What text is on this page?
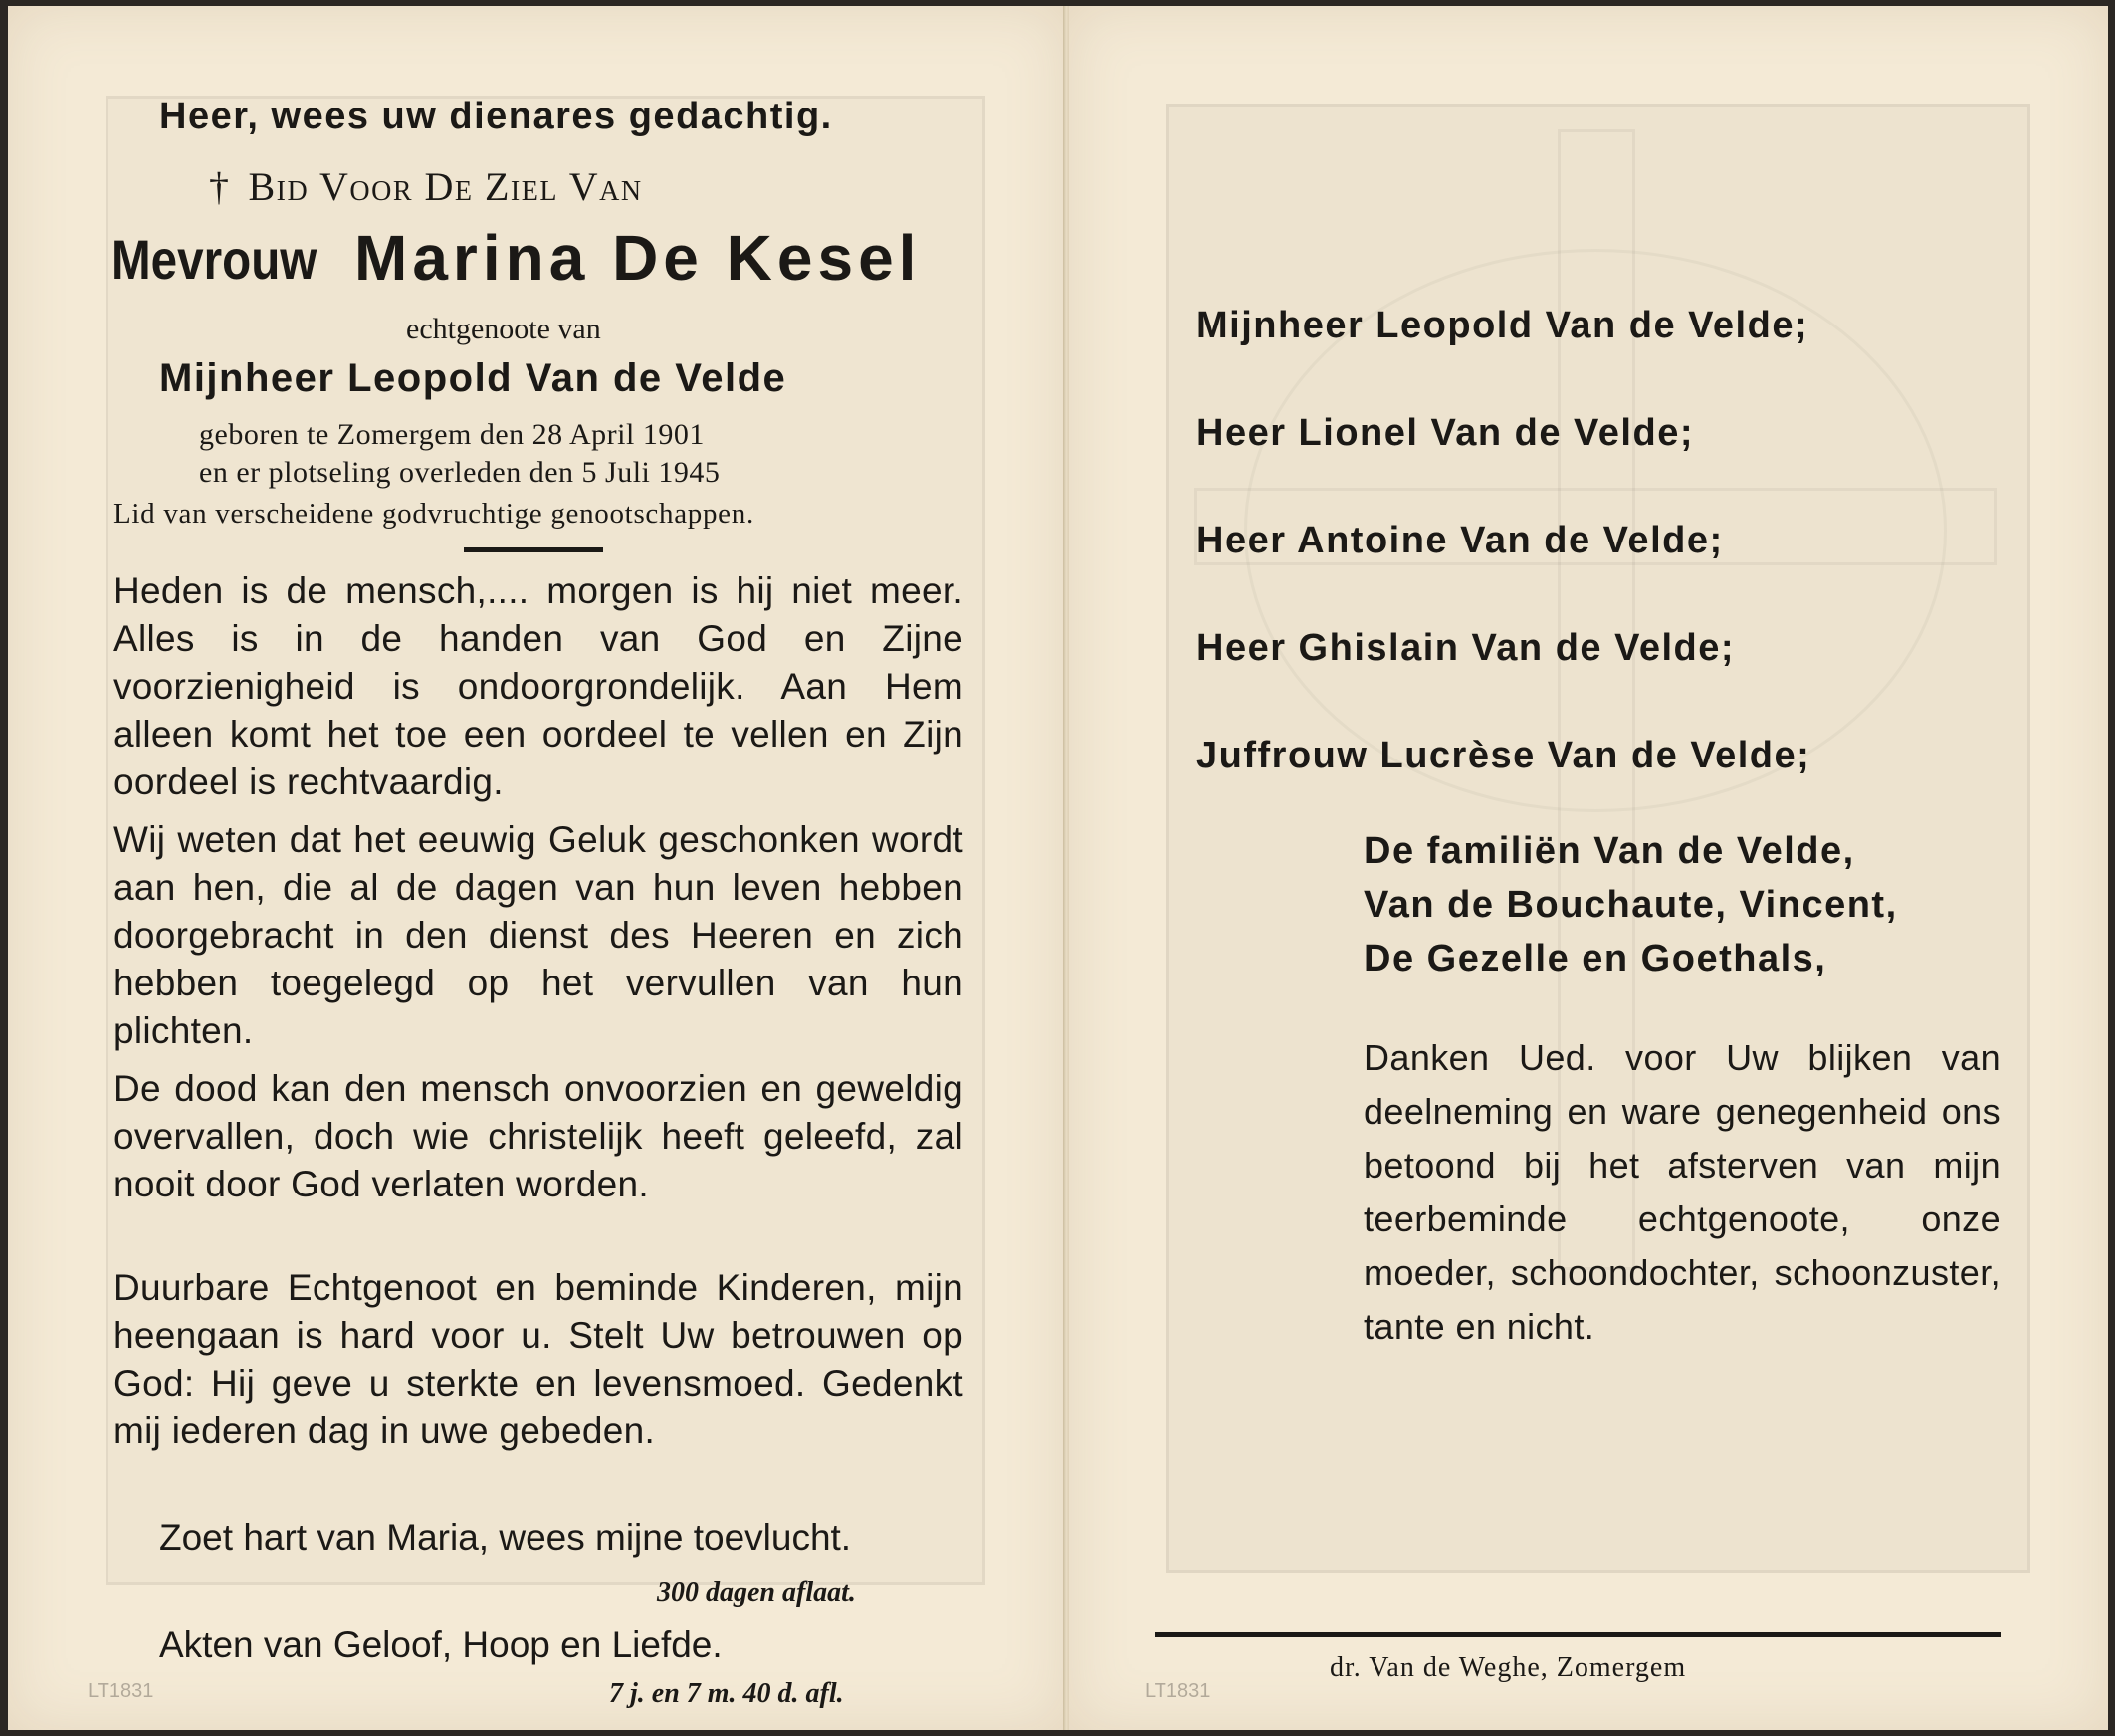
Heer, wees uw dienares gedachtig.
† Bid Voor De Ziel Van
Mevrouw Marina De Kesel
echtgenoote van
Mijnheer Leopold Van de Velde
geboren te Zomergem den 28 April 1901
en er plotseling overleden den 5 Juli 1945
Lid van verscheidene godvruchtige genootschappen.
Heden is de mensch,.... morgen is hij niet meer. Alles is in de handen van God en Zijne voorzienigheid is ondoorgrondelijk. Aan Hem alleen komt het toe een oordeel te vellen en Zijn oordeel is rechtvaardig.
Wij weten dat het eeuwig Geluk geschonken wordt aan hen, die al de dagen van hun leven hebben doorgebracht in den dienst des Heeren en zich hebben toegelegd op het vervullen van hun plichten.
De dood kan den mensch onvoorzien en geweldig overvallen, doch wie christelijk heeft geleefd, zal nooit door God verlaten worden.
Duurbare Echtgenoot en beminde Kinderen, mijn heengaan is hard voor u. Stelt Uw betrouwen op God: Hij geve u sterkte en levensmoed. Gedenkt mij iederen dag in uwe gebeden.
Zoet hart van Maria, wees mijne toevlucht.
300 dagen aflaat.
Akten van Geloof, Hoop en Liefde.
7 j. en 7 m. 40 d. afl.
LT1831
Mijnheer Leopold Van de Velde;
Heer Lionel Van de Velde;
Heer Antoine Van de Velde;
Heer Ghislain Van de Velde;
Juffrouw Lucrèse Van de Velde;
De familiën Van de Velde,
Van de Bouchaute, Vincent,
De Gezelle en Goethals,
Danken Ued. voor Uw blijken van deelneming en ware genegenheid ons betoond bij het afsterven van mijn teerbeminde echtgenoote, onze moeder, schoondochter, schoonzuster, tante en nicht.
dr. Van de Weghe, Zomergem
LT1831
